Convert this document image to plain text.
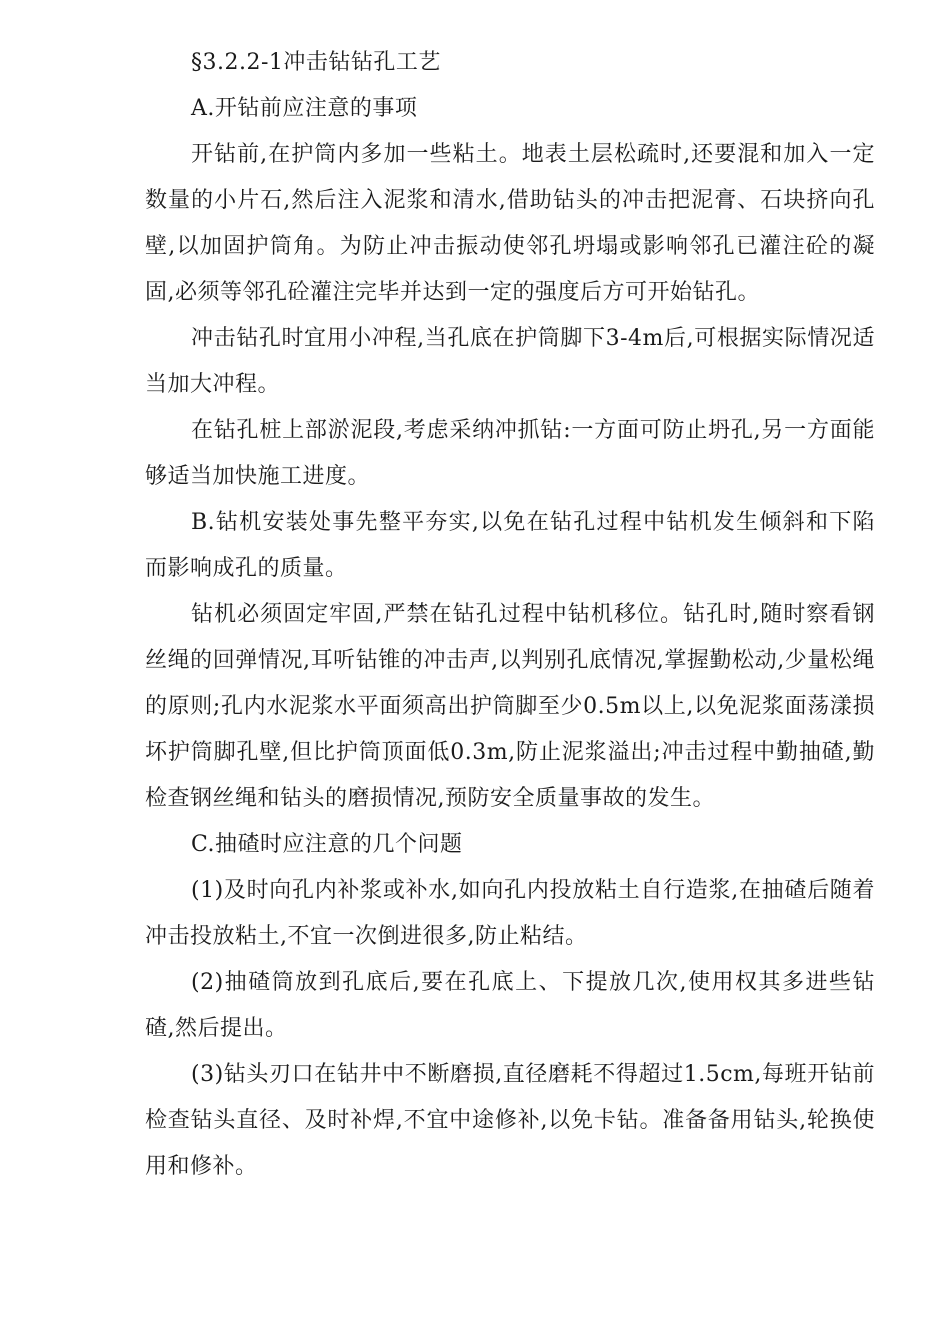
§3.2.2-1冲击钻钻孔工艺

A.开钻前应注意的事项

开钻前,在护筒内多加一些粘土。地表土层松疏时,还要混和加入一定数量的小片石,然后注入泥浆和清水,借助钻头的冲击把泥膏、石块挤向孔壁,以加固护筒角。为防止冲击振动使邻孔坍塌或影响邻孔已灌注砼的凝固,必须等邻孔砼灌注完毕并达到一定的强度后方可开始钻孔。

冲击钻孔时宜用小冲程,当孔底在护筒脚下3-4m后,可根据实际情况适当加大冲程。

在钻孔桩上部淤泥段,考虑采纳冲抓钻:一方面可防止坍孔,另一方面能够适当加快施工进度。

B.钻机安装处事先整平夯实,以免在钻孔过程中钻机发生倾斜和下陷而影响成孔的质量。

钻机必须固定牢固,严禁在钻孔过程中钻机移位。钻孔时,随时察看钢丝绳的回弹情况,耳听钻锥的冲击声,以判别孔底情况,掌握勤松动,少量松绳的原则;孔内水泥浆水平面须高出护筒脚至少0.5m以上,以免泥浆面荡漾损坏护筒脚孔壁,但比护筒顶面低0.3m,防止泥浆溢出;冲击过程中勤抽碴,勤检查钢丝绳和钻头的磨损情况,预防安全质量事故的发生。

C.抽碴时应注意的几个问题

(1)及时向孔内补浆或补水,如向孔内投放粘土自行造浆,在抽碴后随着冲击投放粘土,不宜一次倒进很多,防止粘结。

(2)抽碴筒放到孔底后,要在孔底上、下提放几次,使用权其多进些钻碴,然后提出。

(3)钻头刃口在钻井中不断磨损,直径磨耗不得超过1.5cm,每班开钻前检查钻头直径、及时补焊,不宜中途修补,以免卡钻。准备备用钻头,轮换使用和修补。
